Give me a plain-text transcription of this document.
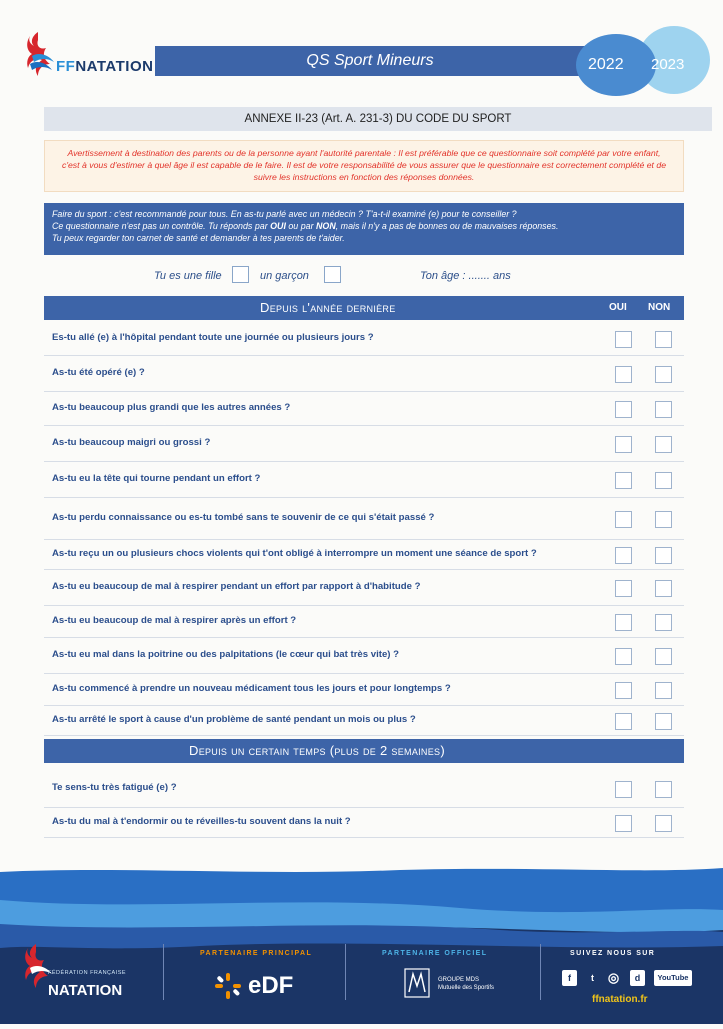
FFNATATION	QS Sport Mineurs	2022 2023
ANNEXE II-23 (Art. A. 231-3) DU CODE DU SPORT
Avertissement à destination des parents ou de la personne ayant l'autorité parentale : Il est préférable que ce questionnaire soit complété par votre enfant, c'est à vous d'estimer à quel âge il est capable de le faire. Il est de votre responsabilité de vous assurer que le questionnaire est correctement complété et de suivre les instructions en fonction des réponses données.
Faire du sport : c'est recommandé pour tous. En as-tu parlé avec un médecin ? T'a-t-il examiné (e) pour te conseiller ?
Ce questionnaire n'est pas un contrôle. Tu réponds par OUI ou par NON, mais il n'y a pas de bonnes ou de mauvaises réponses.
Tu peux regarder ton carnet de santé et demander à tes parents de t'aider.
Tu es une fille	un garçon	Ton âge : ....... ans
Depuis l'année dernière	OUI NON
Es-tu allé (e) à l'hôpital pendant toute une journée ou plusieurs jours ?
As-tu été opéré (e) ?
As-tu beaucoup plus grandi que les autres années ?
As-tu beaucoup maigri ou grossi ?
As-tu eu la tête qui tourne pendant un effort ?
As-tu perdu connaissance ou es-tu tombé sans te souvenir de ce qui s'était passé ?
As-tu reçu un ou plusieurs chocs violents qui t'ont obligé à interrompre un moment une séance de sport ?
As-tu eu beaucoup de mal à respirer pendant un effort par rapport à d'habitude ?
As-tu eu beaucoup de mal à respirer après un effort ?
As-tu eu mal dans la poitrine ou des palpitations (le cœur qui bat très vite) ?
As-tu commencé à prendre un nouveau médicament tous les jours et pour longtemps ?
As-tu arrêté le sport à cause d'un problème de santé pendant un mois ou plus ?
Depuis un certain temps (plus de 2 semaines)
Te sens-tu très fatigué (e) ?
As-tu du mal à t'endormir ou te réveilles-tu souvent dans la nuit ?
FÉDÉRATION FRANÇAISE
NATATION
PARTENAIRE PRINCIPAL
eDF
PARTENAIRE OFFICIEL
GROUPE MDS
Mutuelle des Sportifs
SUIVEZ NOUS SUR
f	t	◎	d	YouTube
ffnatation.fr
